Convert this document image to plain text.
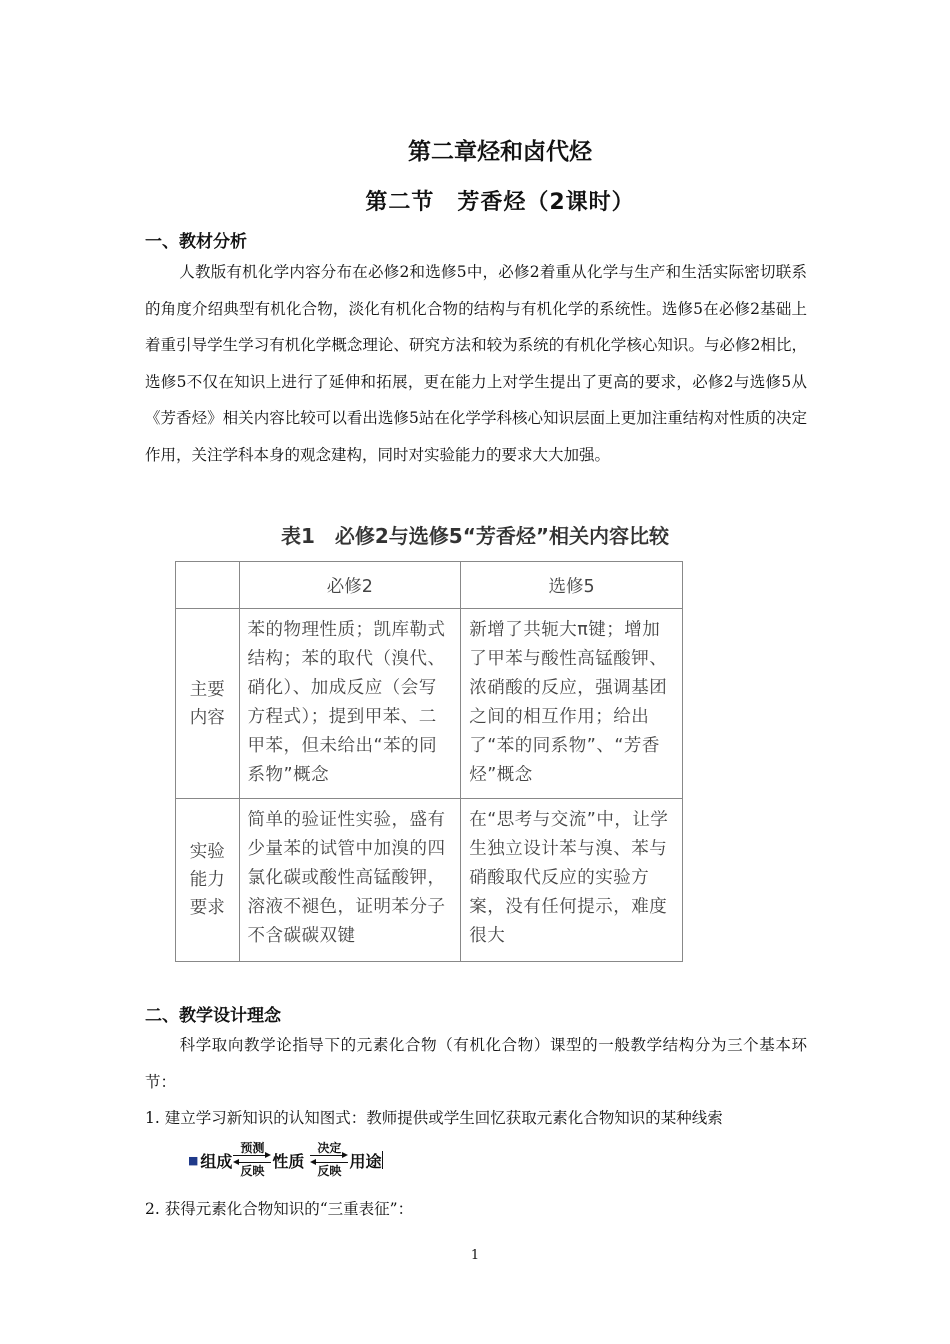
第二章烃和卤代烃
第二节　芳香烃（2课时）
一、教材分析
人教版有机化学内容分布在必修2和选修5中，必修2着重从化学与生产和生活实际密切联系的角度介绍典型有机化合物，淡化有机化合物的结构与有机化学的系统性。选修5在必修2基础上着重引导学生学习有机化学概念理论、研究方法和较为系统的有机化学核心知识。与必修2相比，选修5不仅在知识上进行了延伸和拓展，更在能力上对学生提出了更高的要求，必修2与选修5从《芳香烃》相关内容比较可以看出选修5站在化学学科核心知识层面上更加注重结构对性质的决定作用，关注学科本身的观念建构，同时对实验能力的要求大大加强。
表1　必修2与选修5“芳香烃”相关内容比较
	必修2	选修5

主要
内容	苯的物理性质；凯库勒式结构；苯的取代（溴代、硝化）、加成反应（会写方程式）；提到甲苯、二甲苯，但未给出“苯的同系物”概念	新增了共轭大π键；增加了甲苯与酸性高锰酸钾、浓硝酸的反应，强调基团之间的相互作用；给出了“苯的同系物”、“芳香烃”概念

实验
能力
要求	简单的验证性实验，盛有少量苯的试管中加溴的四氯化碳或酸性高锰酸钾，溶液不褪色，证明苯分子不含碳碳双键	在“思考与交流”中，让学生独立设计苯与溴、苯与硝酸取代反应的实验方案，没有任何提示，难度很大
二、教学设计理念
科学取向教学论指导下的元素化合物（有机化合物）课型的一般教学结构分为三个基本环节：
1. 建立学习新知识的认知图式：教师提供或学生回忆获取元素化合物知识的某种线索
■ 组成
预测
反映
性质
决定
反映
用途
2. 获得元素化合物知识的“三重表征”：
1
